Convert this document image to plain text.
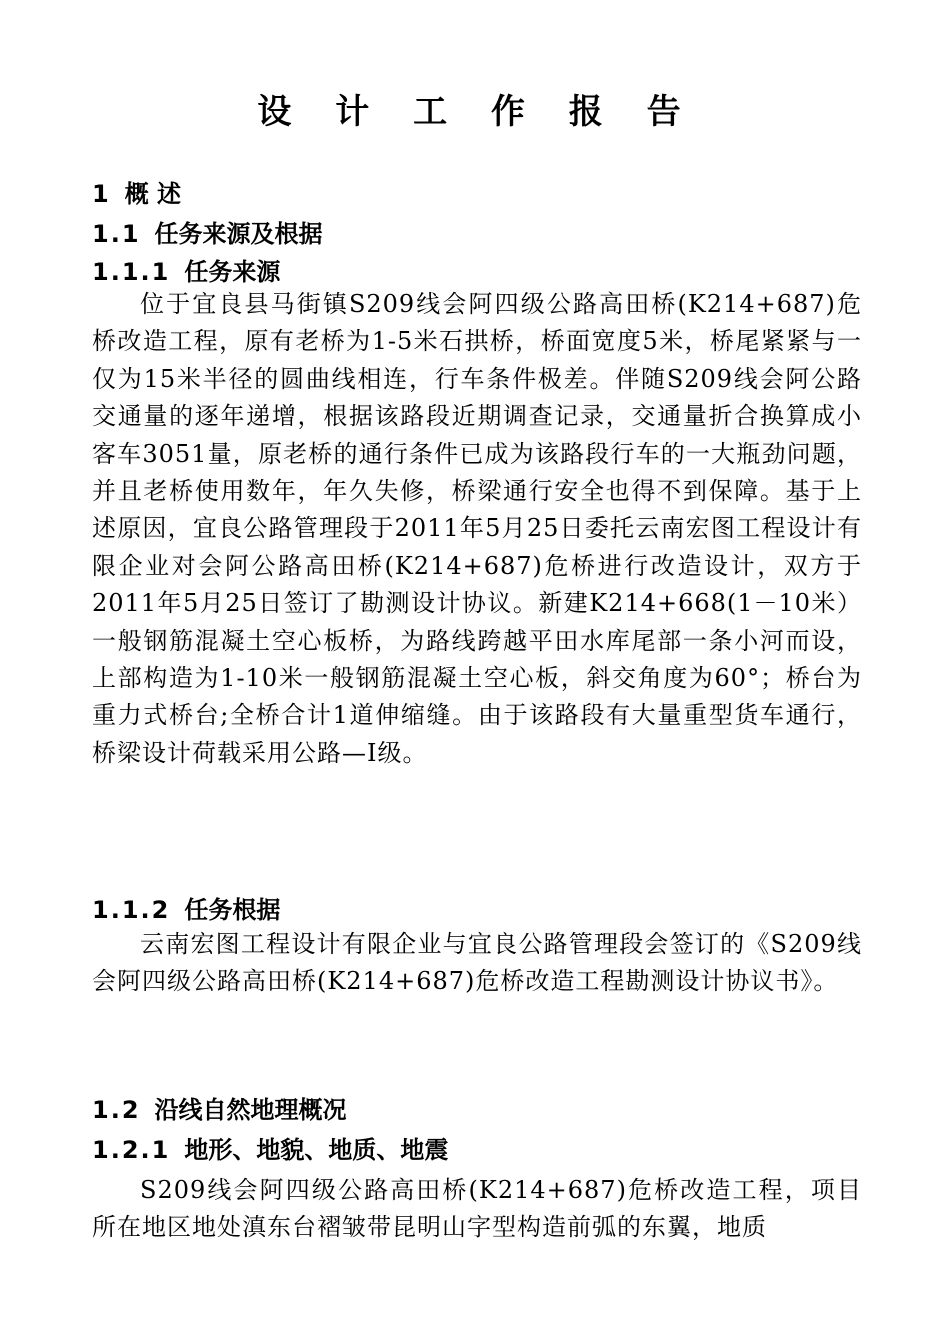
设 计 工 作 报 告
1 概 述
1.1 任务来源及根据
1.1.1 任务来源
位于宜良县马街镇S209线会阿四级公路高田桥(K214+687)危桥改造工程，原有老桥为1-5米石拱桥，桥面宽度5米，桥尾紧紧与一仅为15米半径的圆曲线相连，行车条件极差。伴随S209线会阿公路交通量的逐年递增，根据该路段近期调查记录，交通量折合换算成小客车3051量，原老桥的通行条件已成为该路段行车的一大瓶劲问题，并且老桥使用数年，年久失修，桥梁通行安全也得不到保障。基于上述原因，宜良公路管理段于2011年5月25日委托云南宏图工程设计有限企业对会阿公路高田桥(K214+687)危桥进行改造设计，双方于2011年5月25日签订了勘测设计协议。新建K214+668(1－10米）一般钢筋混凝土空心板桥，为路线跨越平田水库尾部一条小河而设，上部构造为1-10米一般钢筋混凝土空心板，斜交角度为60°；桥台为重力式桥台;全桥合计1道伸缩缝。由于该路段有大量重型货车通行，桥梁设计荷载采用公路—Ⅰ级。
1.1.2 任务根据
云南宏图工程设计有限企业与宜良公路管理段会签订的《S209线会阿四级公路高田桥(K214+687)危桥改造工程勘测设计协议书》。
1.2 沿线自然地理概况
1.2.1 地形、地貌、地质、地震
S209线会阿四级公路高田桥(K214+687)危桥改造工程，项目所在地区地处滇东台褶皱带昆明山字型构造前弧的东翼，地质
